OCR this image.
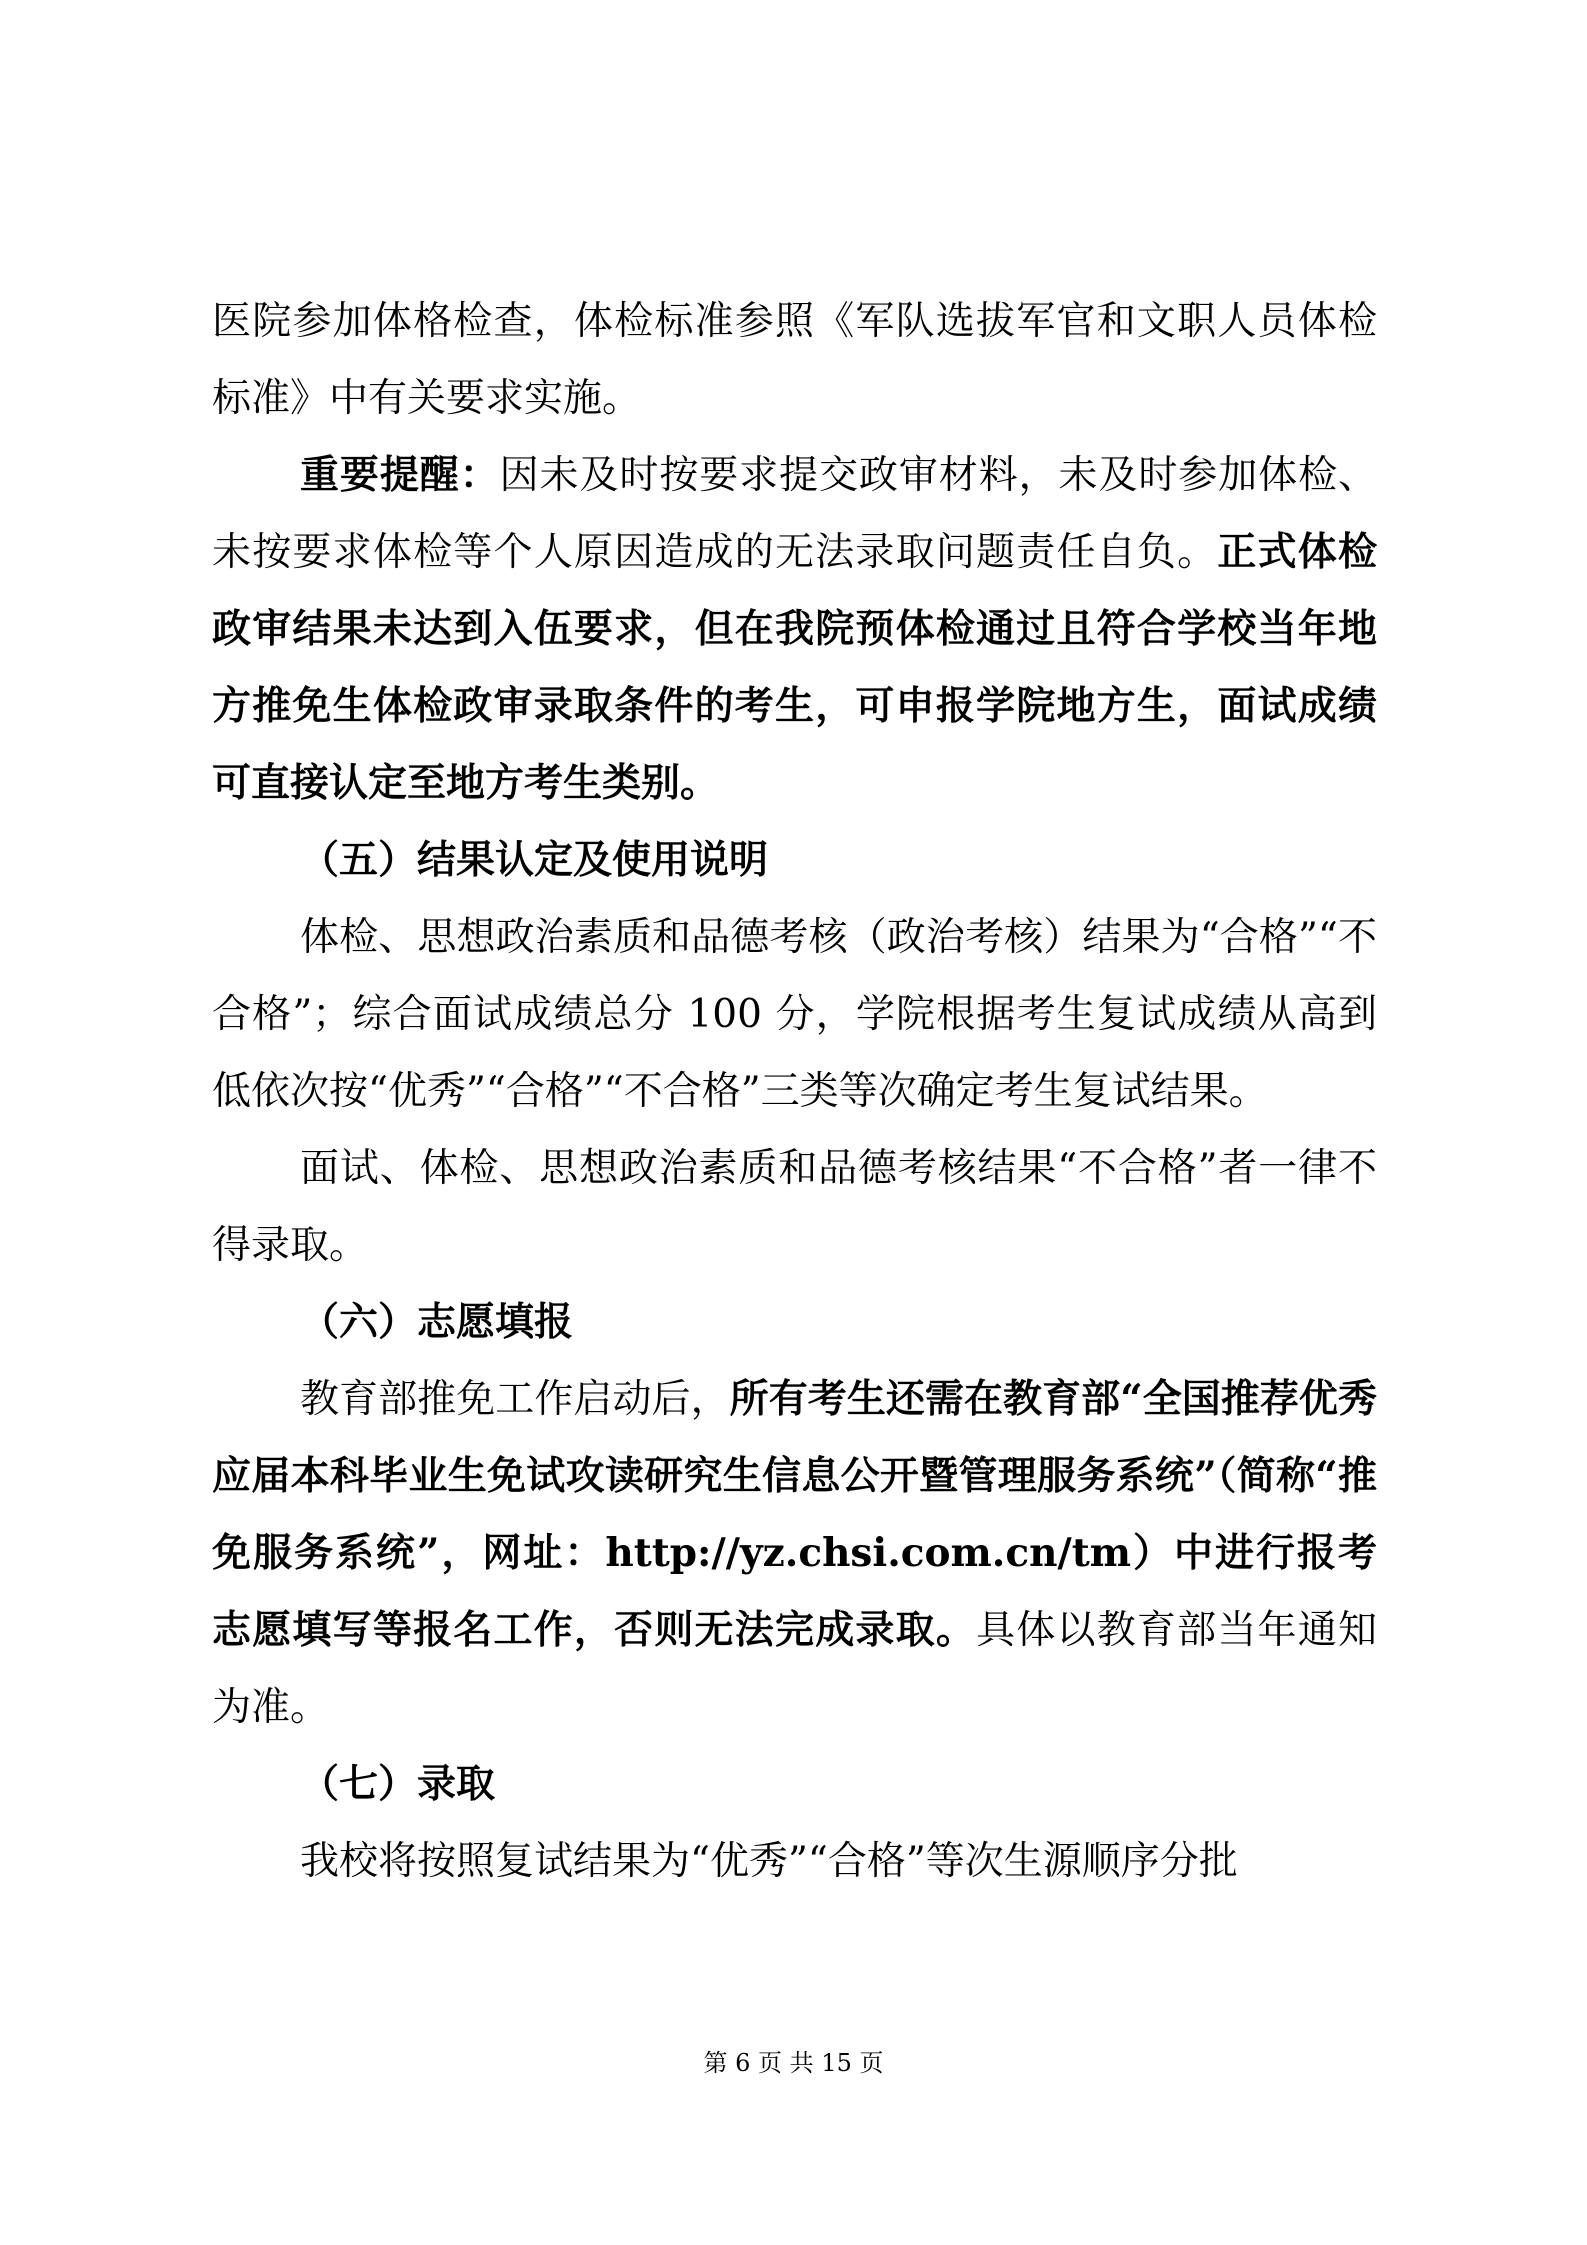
医院参加体格检查，体检标准参照《军队选拔军官和文职人员体检标准》中有关要求实施。

重要提醒：因未及时按要求提交政审材料，未及时参加体检、未按要求体检等个人原因造成的无法录取问题责任自负。正式体检政审结果未达到入伍要求，但在我院预体检通过且符合学校当年地方推免生体检政审录取条件的考生，可申报学院地方生，面试成绩可直接认定至地方考生类别。

（五）结果认定及使用说明

体检、思想政治素质和品德考核（政治考核）结果为“合格”“不合格”；综合面试成绩总分 100 分，学院根据考生复试成绩从高到低依次按“优秀”“合格”“不合格”三类等次确定考生复试结果。

面试、体检、思想政治素质和品德考核结果“不合格”者一律不得录取。

（六）志愿填报

教育部推免工作启动后，所有考生还需在教育部“全国推荐优秀应届本科毕业生免试攻读研究生信息公开暨管理服务系统”（简称“推免服务系统”，网址：http://yz.chsi.com.cn/tm）中进行报考志愿填写等报名工作，否则无法完成录取。具体以教育部当年通知为准。

（七）录取

我校将按照复试结果为“优秀”“合格”等次生源顺序分批

第 6 页 共 15 页
